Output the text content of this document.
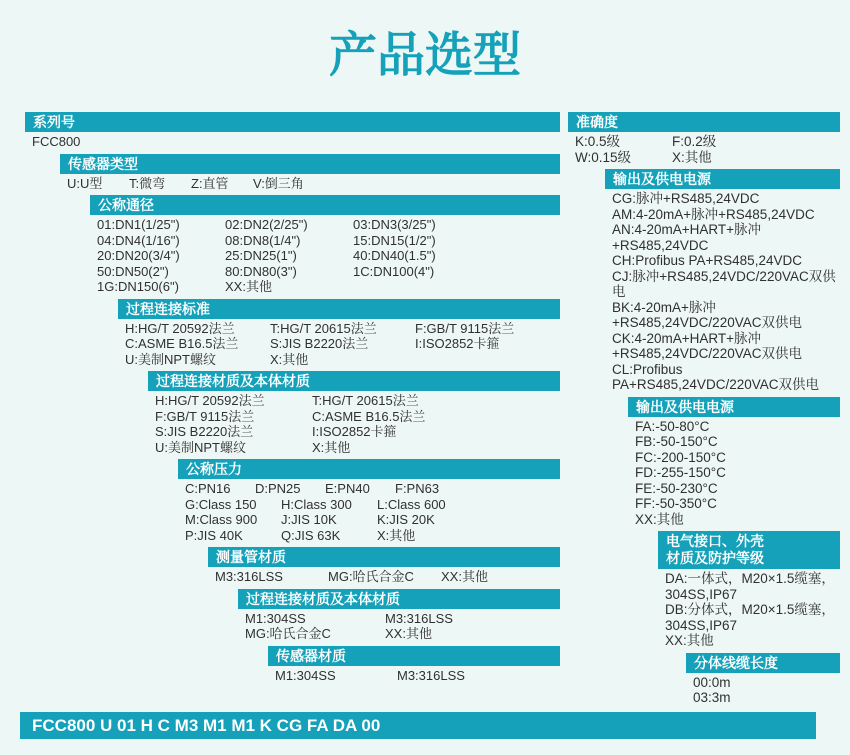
产品选型
系列号
FCC800
传感器类型
U:U型	T:微弯	Z:直管	V:倒三角
公称通径
01:DN1(1/25")	02:DN2(2/25")	03:DN3(3/25")
04:DN4(1/16")	08:DN8(1/4")	15:DN15(1/2")
20:DN20(3/4")	25:DN25(1")	40:DN40(1.5")
50:DN50(2")	80:DN80(3")	1C:DN100(4")
1G:DN150(6")	XX:其他
过程连接标准
H:HG/T 20592法兰	T:HG/T 20615法兰	F:GB/T 9115法兰
C:ASME B16.5法兰	S:JIS B2220法兰	I:ISO2852卡箍
U:美制NPT螺纹	X:其他
过程连接材质及本体材质
H:HG/T 20592法兰	T:HG/T 20615法兰
F:GB/T 9115法兰	C:ASME B16.5法兰
S:JIS B2220法兰	I:ISO2852卡箍
U:美制NPT螺纹	X:其他
公称压力
C:PN16	D:PN25	E:PN40	F:PN63
G:Class 150	H:Class 300	L:Class 600
M:Class 900	J:JIS 10K	K:JIS 20K
P:JIS 40K	Q:JIS 63K	X:其他
测量管材质
M3:316LSS	MG:哈氏合金C	XX:其他
过程连接材质及本体材质
M1:304SS	M3:316LSS
MG:哈氏合金C	XX:其他
传感器材质
M1:304SS	M3:316LSS
准确度
K:0.5级	F:0.2级
W:0.15级	X:其他
输出及供电电源
CG:脉冲+RS485,24VDC
AM:4-20mA+脉冲+RS485,24VDC
AN:4-20mA+HART+脉冲+RS485,24VDC
CH:Profibus PA+RS485,24VDC
CJ:脉冲+RS485,24VDC/220VAC双供电
BK:4-20mA+脉冲+RS485,24VDC/220VAC双供电
CK:4-20mA+HART+脉冲+RS485,24VDC/220VAC双供电
CL:Profibus PA+RS485,24VDC/220VAC双供电
输出及供电电源
FA:-50-80°C
FB:-50-150°C
FC:-200-150°C
FD:-255-150°C
FE:-50-230°C
FF:-50-350°C
XX:其他
电气接口、外壳
材质及防护等级
DA:一体式，M20×1.5缆塞，304SS,IP67
DB:分体式，M20×1.5缆塞，304SS,IP67
XX:其他
分体线缆长度
00:0m
03:3m
FCC800 U 01 H C M3 M1 M1 K CG FA DA 00
